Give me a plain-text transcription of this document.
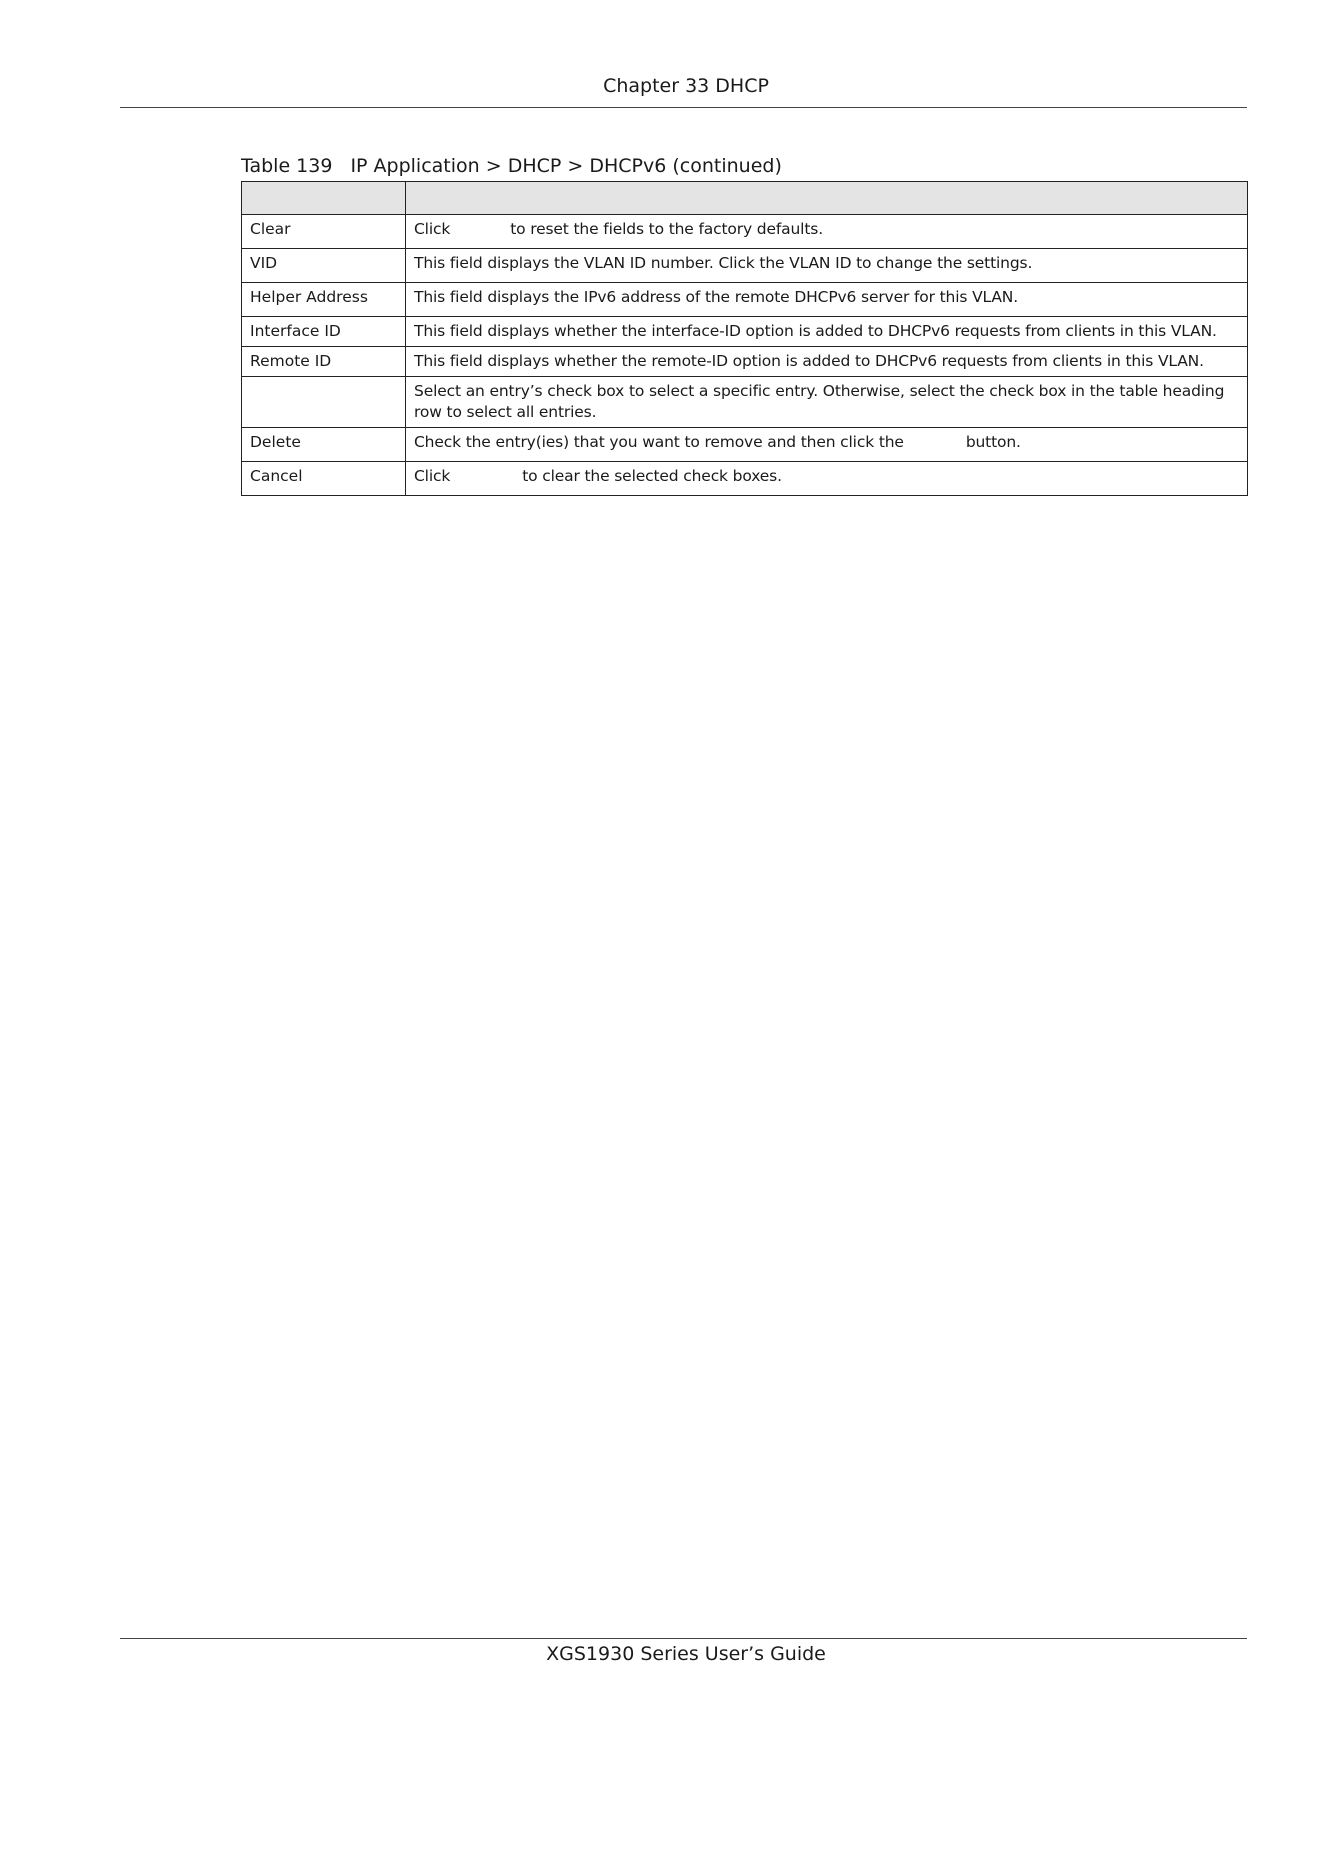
Chapter 33 DHCP
Table 139 IP Application > DHCP > DHCPv6 (continued)

Clear	Click to reset the fields to the factory defaults.
VID	This field displays the VLAN ID number. Click the VLAN ID to change the settings.
Helper Address	This field displays the IPv6 address of the remote DHCPv6 server for this VLAN.
Interface ID	This field displays whether the interface-ID option is added to DHCPv6 requests from clients in this VLAN.
Remote ID	This field displays whether the remote-ID option is added to DHCPv6 requests from clients in this VLAN.
	Select an entry’s check box to select a specific entry. Otherwise, select the check box in the table heading row to select all entries.
Delete	Check the entry(ies) that you want to remove and then click the button.
Cancel	Click to clear the selected check boxes.
XGS1930 Series User’s Guide
